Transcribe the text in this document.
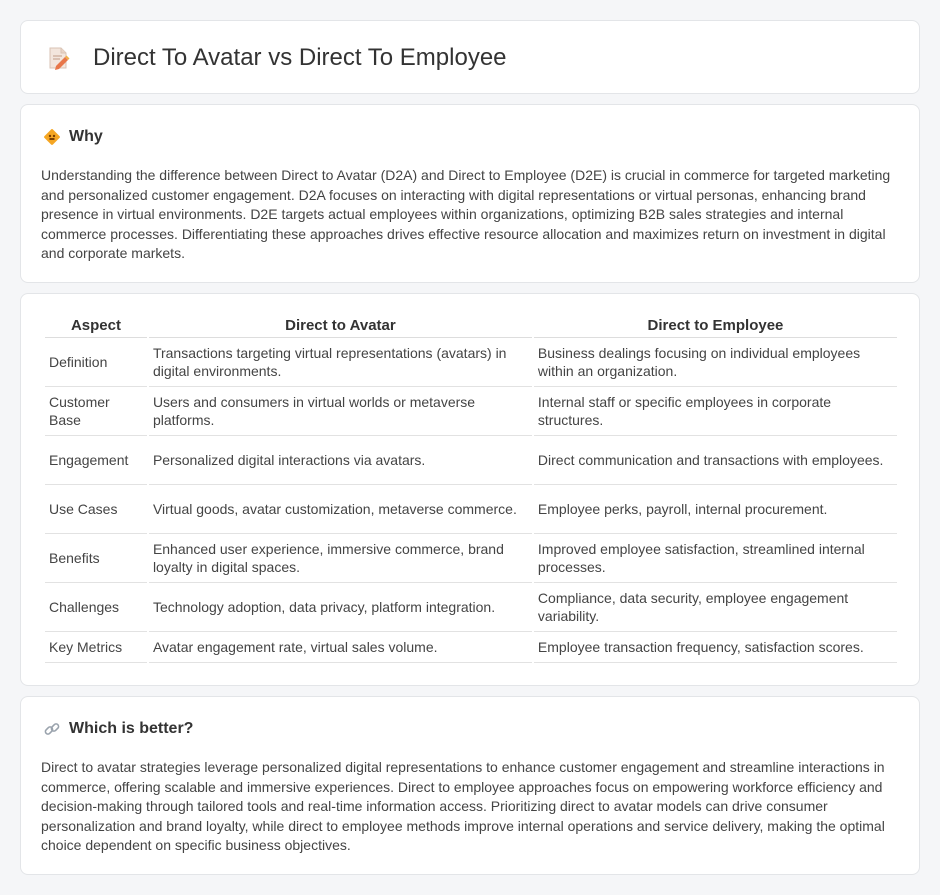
Direct To Avatar vs Direct To Employee
Why

Understanding the difference between Direct to Avatar (D2A) and Direct to Employee (D2E) is crucial in commerce for targeted marketing and personalized customer engagement. D2A focuses on interacting with digital representations or virtual personas, enhancing brand presence in virtual environments. D2E targets actual employees within organizations, optimizing B2B sales strategies and internal commerce processes. Differentiating these approaches drives effective resource allocation and maximizes return on investment in digital and corporate markets.

Aspect	Direct to Avatar	Direct to Employee
Definition	Transactions targeting virtual representations (avatars) in digital environments.	Business dealings focusing on individual employees within an organization.
Customer Base	Users and consumers in virtual worlds or metaverse platforms.	Internal staff or specific employees in corporate structures.
Engagement	Personalized digital interactions via avatars.	Direct communication and transactions with employees.
Use Cases	Virtual goods, avatar customization, metaverse commerce.	Employee perks, payroll, internal procurement.
Benefits	Enhanced user experience, immersive commerce, brand loyalty in digital spaces.	Improved employee satisfaction, streamlined internal processes.
Challenges	Technology adoption, data privacy, platform integration.	Compliance, data security, employee engagement variability.
Key Metrics	Avatar engagement rate, virtual sales volume.	Employee transaction frequency, satisfaction scores.
Which is better?

Direct to avatar strategies leverage personalized digital representations to enhance customer engagement and streamline interactions in commerce, offering scalable and immersive experiences. Direct to employee approaches focus on empowering workforce efficiency and decision-making through tailored tools and real-time information access. Prioritizing direct to avatar models can drive consumer personalization and brand loyalty, while direct to employee methods improve internal operations and service delivery, making the optimal choice dependent on specific business objectives.
